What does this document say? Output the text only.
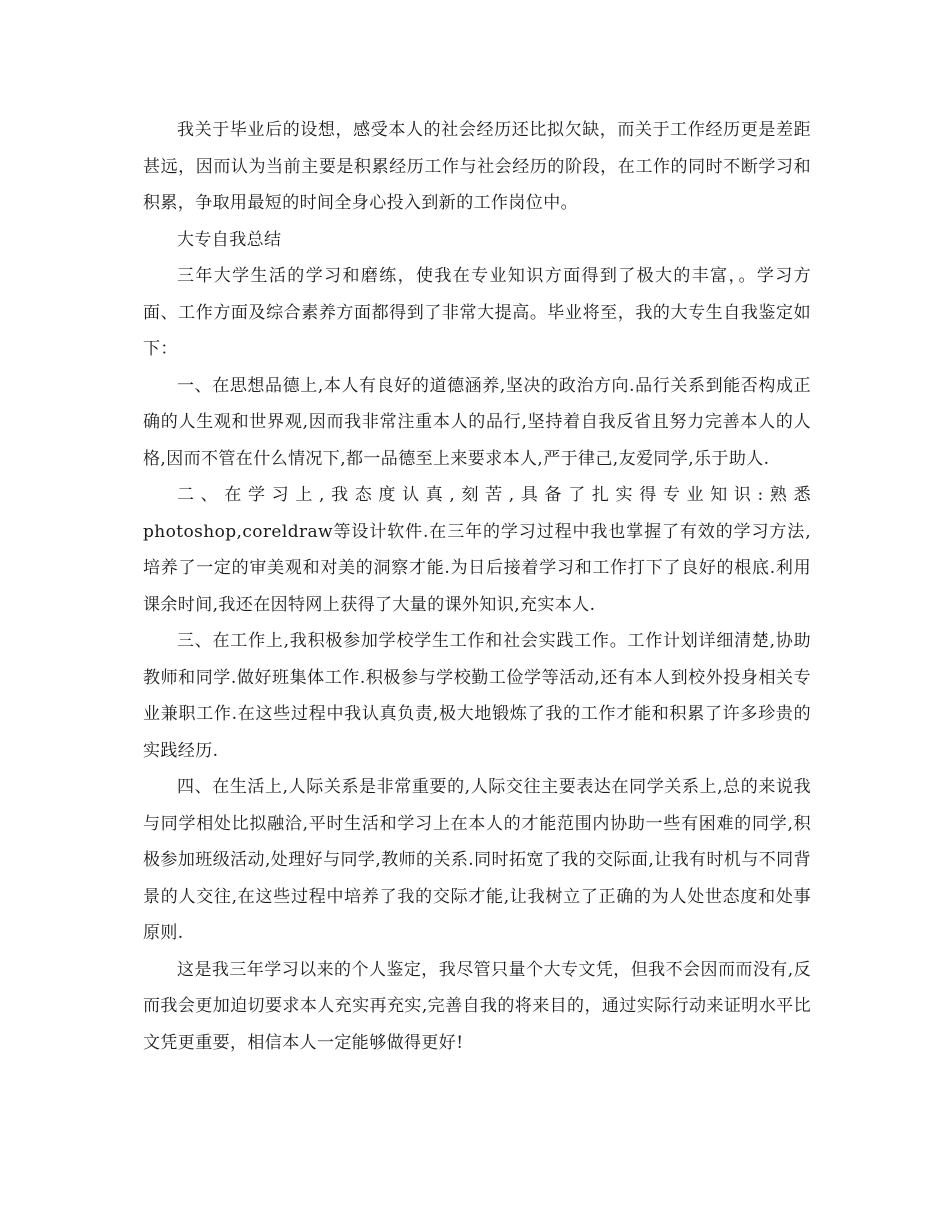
我关于毕业后的设想，感受本人的社会经历还比拟欠缺，而关于工作经历更是差距甚远，因而认为当前主要是积累经历工作与社会经历的阶段，在工作的同时不断学习和积累，争取用最短的时间全身心投入到新的工作岗位中。

大专自我总结

三年大学生活的学习和磨练，使我在专业知识方面得到了极大的丰富，。学习方面、工作方面及综合素养方面都得到了非常大提高。毕业将至，我的大专生自我鉴定如下：

一、在思想品德上,本人有良好的道德涵养,坚决的政治方向.品行关系到能否构成正确的人生观和世界观,因而我非常注重本人的品行,坚持着自我反省且努力完善本人的人格,因而不管在什么情况下,都一品德至上来要求本人,严于律己,友爱同学,乐于助人.

二、在学习上,我态度认真,刻苦,具备了扎实得专业知识:熟悉photoshop,coreldraw等设计软件.在三年的学习过程中我也掌握了有效的学习方法,培养了一定的审美观和对美的洞察才能.为日后接着学习和工作打下了良好的根底.利用课余时间,我还在因特网上获得了大量的课外知识,充实本人.

三、在工作上,我积极参加学校学生工作和社会实践工作。工作计划详细清楚,协助教师和同学.做好班集体工作.积极参与学校勤工俭学等活动,还有本人到校外投身相关专业兼职工作.在这些过程中我认真负责,极大地锻炼了我的工作才能和积累了许多珍贵的实践经历.

四、在生活上,人际关系是非常重要的,人际交往主要表达在同学关系上,总的来说我与同学相处比拟融洽,平时生活和学习上在本人的才能范围内协助一些有困难的同学,积极参加班级活动,处理好与同学,教师的关系.同时拓宽了我的交际面,让我有时机与不同背景的人交往,在这些过程中培养了我的交际才能,让我树立了正确的为人处世态度和处事原则.

这是我三年学习以来的个人鉴定，我尽管只量个大专文凭，但我不会因而而没有,反而我会更加迫切要求本人充实再充实,完善自我的将来目的，通过实际行动来证明水平比文凭更重要，相信本人一定能够做得更好!
